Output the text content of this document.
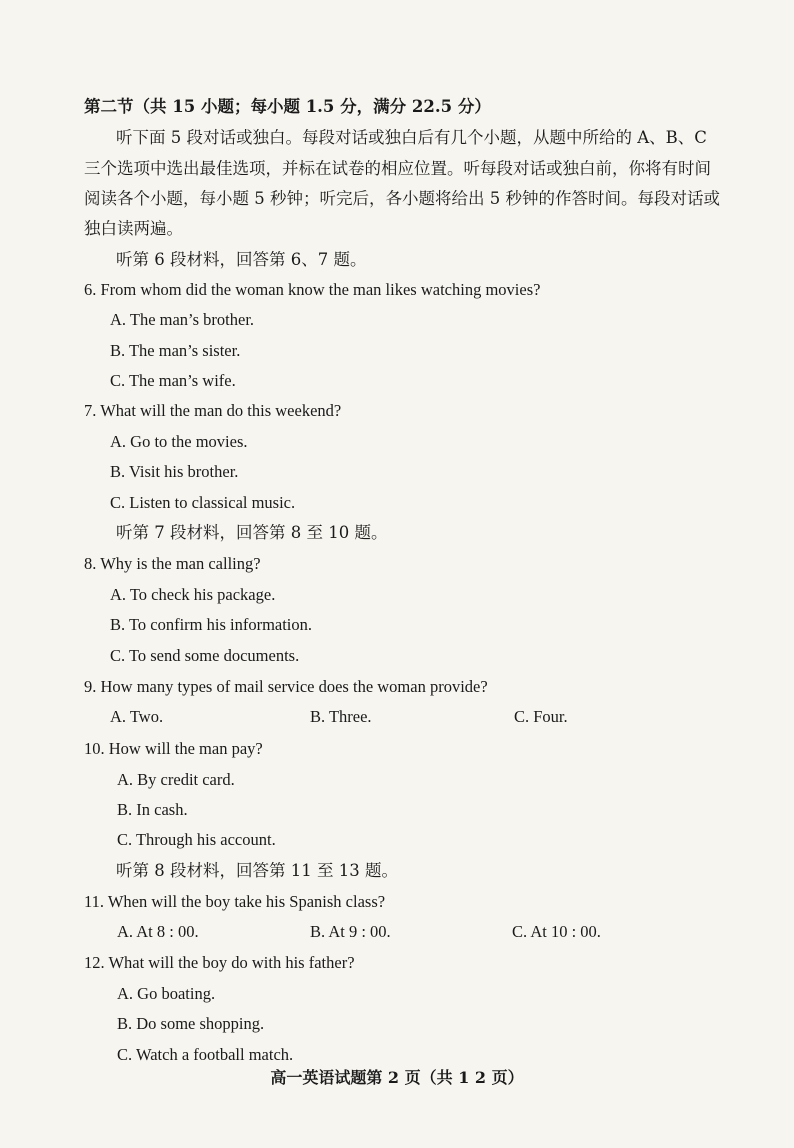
第二节（共 15 小题；每小题 1.5 分，满分 22.5 分）
听下面 5 段对话或独白。每段对话或独白后有几个小题，从题中所给的 A、B、C
三个选项中选出最佳选项，并标在试卷的相应位置。听每段对话或独白前，你将有时间
阅读各个小题，每小题 5 秒钟；听完后，各小题将给出 5 秒钟的作答时间。每段对话或
独白读两遍。
听第 6 段材料，回答第 6、7 题。
6. From whom did the woman know the man likes watching movies?
A. The man’s brother.
B. The man’s sister.
C. The man’s wife.
7. What will the man do this weekend?
A. Go to the movies.
B. Visit his brother.
C. Listen to classical music.
听第 7 段材料，回答第 8 至 10 题。
8. Why is the man calling?
A. To check his package.
B. To confirm his information.
C. To send some documents.
9. How many types of mail service does the woman provide?
A. Two.	B. Three.	C. Four.
10. How will the man pay?
A. By credit card.
B. In cash.
C. Through his account.
听第 8 段材料，回答第 11 至 13 题。
11. When will the boy take his Spanish class?
A. At 8 : 00.	B. At 9 : 00.	C. At 10 : 00.
12. What will the boy do with his father?
A. Go boating.
B. Do some shopping.
C. Watch a football match.
高一英语试题第 2 页（共 1 2 页）
